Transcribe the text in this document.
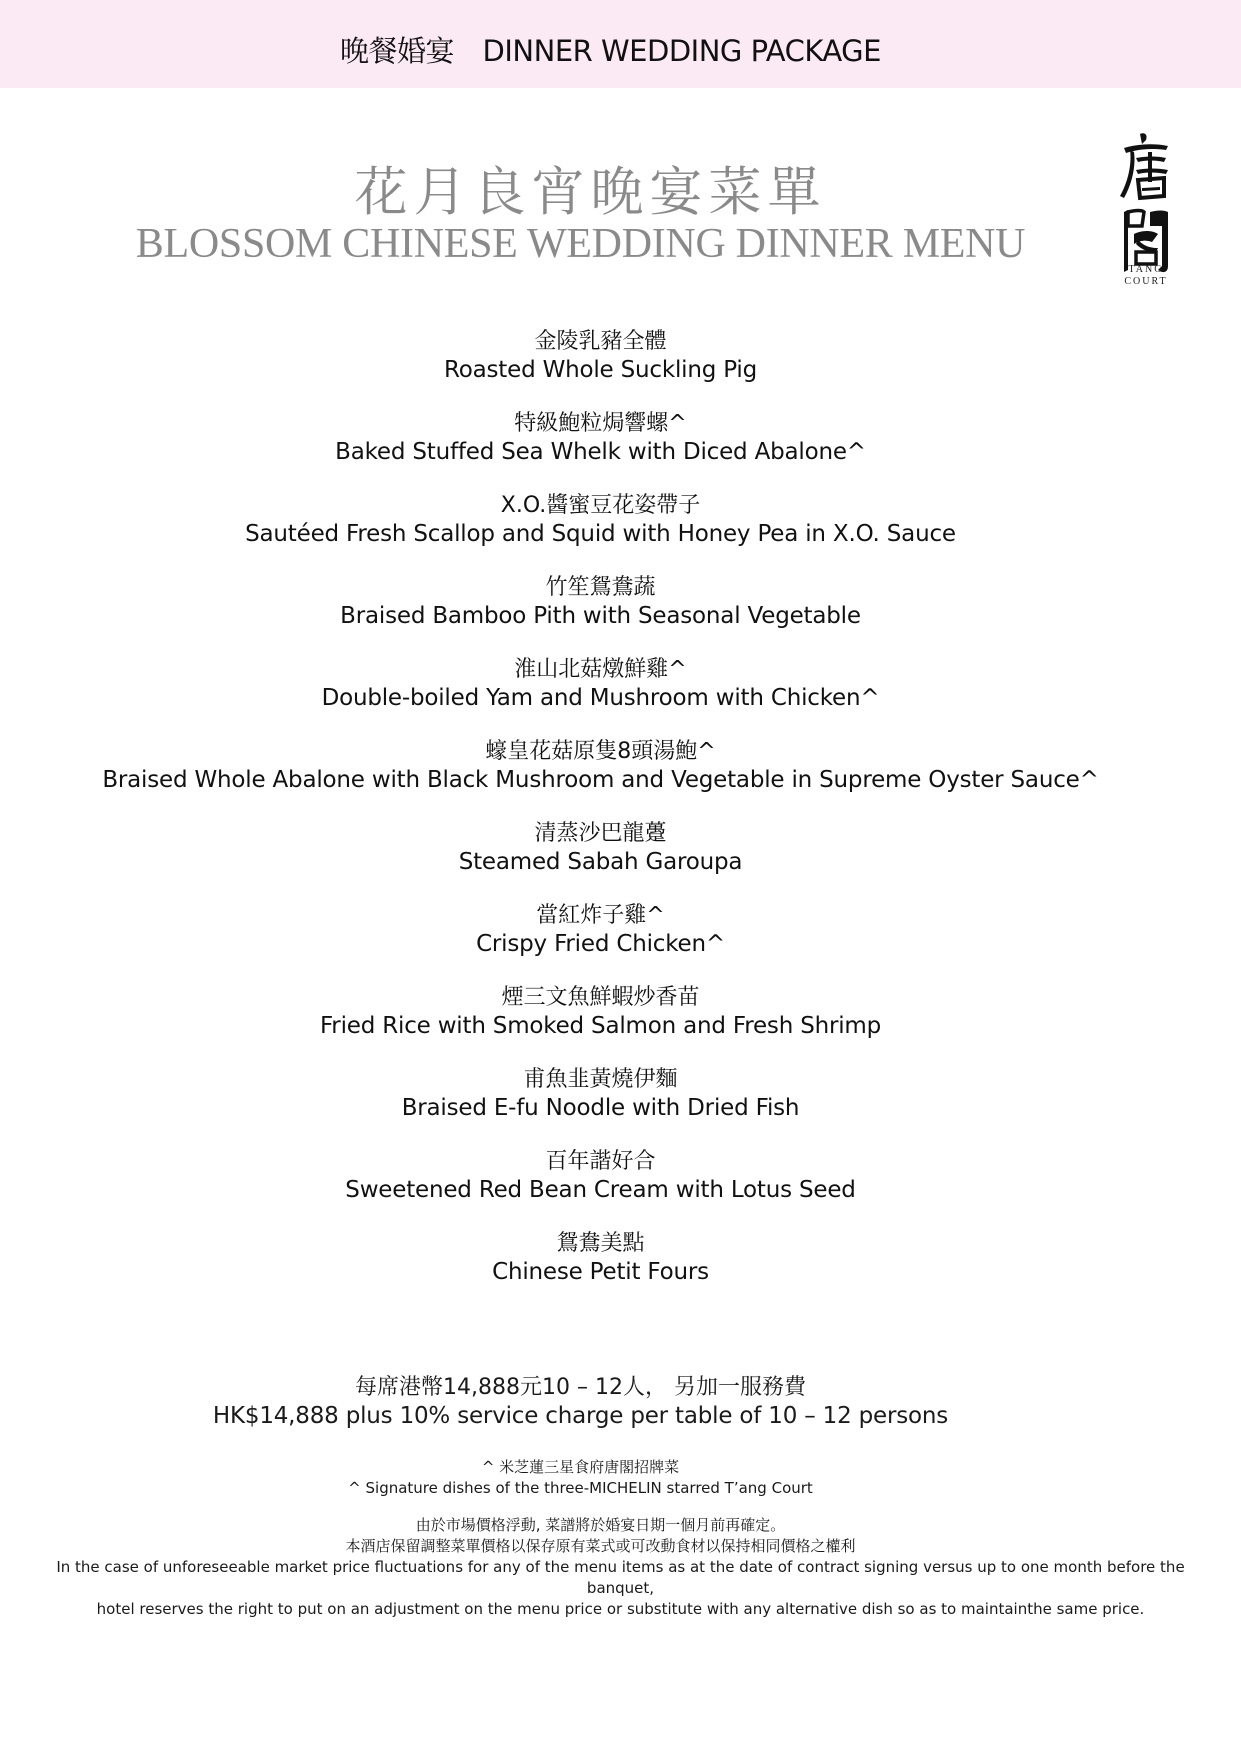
晚餐婚宴　DINNER WEDDING PACKAGE
花月良宵晚宴菜單
BLOSSOM CHINESE WEDDING DINNER MENU
TANG
COURT
金陵乳豬全體
Roasted Whole Suckling Pig
特級鮑粒焗響螺^
Baked Stuffed Sea Whelk with Diced Abalone^
X.O.醬蜜豆花姿帶子
Sautéed Fresh Scallop and Squid with Honey Pea in X.O. Sauce
竹笙鴛鴦蔬
Braised Bamboo Pith with Seasonal Vegetable
淮山北菇燉鮮雞^
Double-boiled Yam and Mushroom with Chicken^
蠔皇花菇原隻8頭湯鮑^
Braised Whole Abalone with Black Mushroom and Vegetable in Supreme Oyster Sauce^
清蒸沙巴龍躉
Steamed Sabah Garoupa
當紅炸子雞^
Crispy Fried Chicken^
煙三文魚鮮蝦炒香苗
Fried Rice with Smoked Salmon and Fresh Shrimp
甫魚韭黃燒伊麵
Braised E-fu Noodle with Dried Fish
百年諧好合
Sweetened Red Bean Cream with Lotus Seed
鴛鴦美點
Chinese Petit Fours
每席港幣14,888元10 – 12人， 另加一服務費
HK$14,888 plus 10% service charge per table of 10 – 12 persons
^ 米芝蓮三星食府唐閣招牌菜
^ Signature dishes of the three-MICHELIN starred T’ang Court
由於市場價格浮動, 菜譜將於婚宴日期一個月前再確定。
本酒店保留調整菜單價格以保存原有菜式或可改動食材以保持相同價格之權利
In the case of unforeseeable market price fluctuations for any of the menu items as at the date of contract signing versus up to one month before the banquet,
hotel reserves the right to put on an adjustment on the menu price or substitute with any alternative dish so as to maintainthe same price.
